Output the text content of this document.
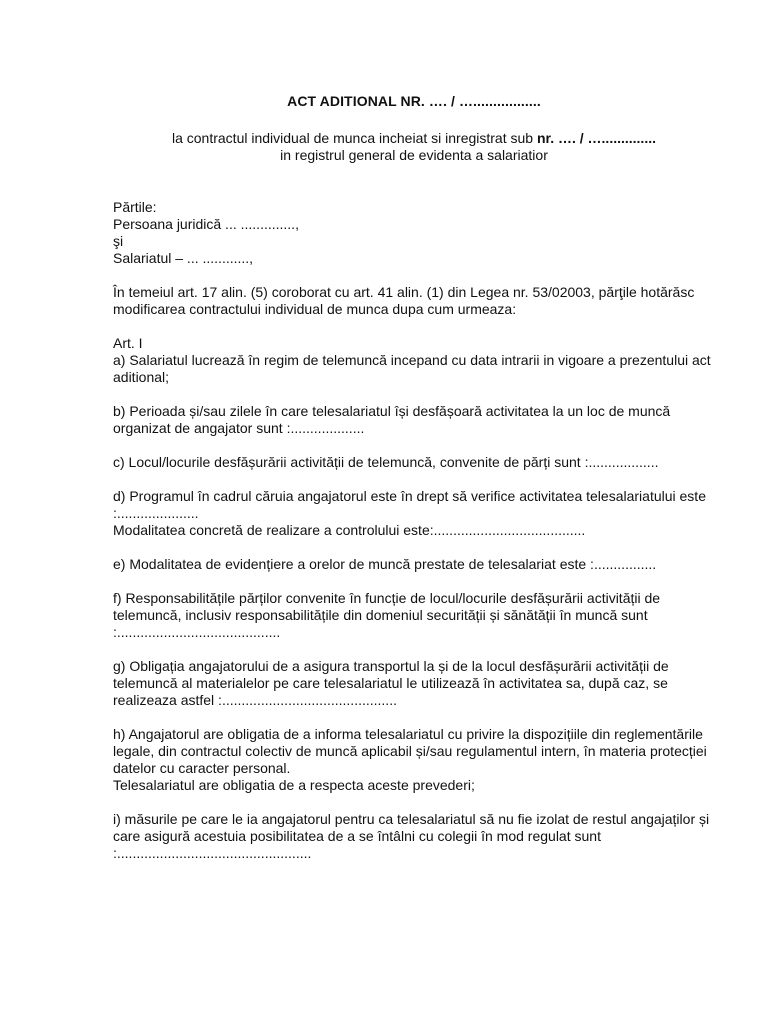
ACT ADITIONAL NR. …. / ….................
la contractul individual de munca incheiat si inregistrat sub nr. …. / …..............
in registrul general de evidenta a salariatior

Părtile:

Persoana juridică ... ..............,

şi

Salariatul – ... ............,

În temeiul art. 17 alin. (5) coroborat cu art. 41 alin. (1) din Legea nr. 53/02003, părţile hotărăsc modificarea contractului individual de munca dupa cum urmeaza:

Art. I

a) Salariatul lucrează în regim de telemuncă incepand cu data intrarii in vigoare a prezentului act aditional;

b) Perioada și/sau zilele în care telesalariatul își desfășoară activitatea la un loc de muncă organizat de angajator sunt :...................

c) Locul/locurile desfășurării activității de telemuncă, convenite de părți sunt :..................

d) Programul în cadrul căruia angajatorul este în drept să verifice activitatea telesalariatului este :.....................

Modalitatea concretă de realizare a controlului este:.......................................

e) Modalitatea de evidențiere a orelor de muncă prestate de telesalariat este :................

f) Responsabilitățile părților convenite în funcție de locul/locurile desfășurării activității de telemuncă, inclusiv responsabilitățile din domeniul securității și sănătății în muncă sunt :..........................................

g) Obligația angajatorului de a asigura transportul la și de la locul desfășurării activității de telemuncă al materialelor pe care telesalariatul le utilizează în activitatea sa, după caz, se realizeaza astfel :.............................................

h) Angajatorul are obligatia de a informa telesalariatul cu privire la dispozițiile din reglementările legale, din contractul colectiv de muncă aplicabil și/sau regulamentul intern, în materia protecției datelor cu caracter personal.

Telesalariatul are obligatia de a respecta aceste prevederi;

i) măsurile pe care le ia angajatorul pentru ca telesalariatul să nu fie izolat de restul angajaților și care asigură acestuia posibilitatea de a se întâlni cu colegii în mod regulat sunt :..................................................
